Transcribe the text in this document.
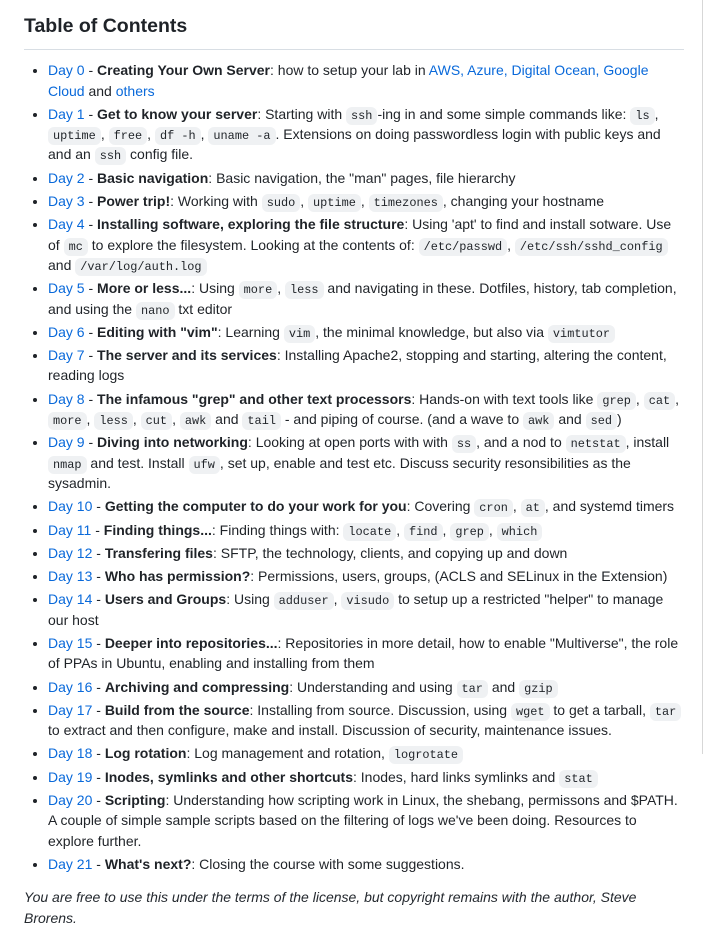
Table of Contents
• Day 0 - Creating Your Own Server: how to setup your lab in AWS, Azure, Digital Ocean, Google Cloud and others
• Day 1 - Get to know your server: Starting with ssh -ing in and some simple commands like: ls , uptime , free , df -h , uname -a . Extensions on doing passwordless login with public keys and and an ssh config file.
• Day 2 - Basic navigation: Basic navigation, the "man" pages, file hierarchy
• Day 3 - Power trip!: Working with sudo , uptime , timezones , changing your hostname
• Day 4 - Installing software, exploring the file structure: Using 'apt' to find and install sotware. Use of mc to explore the filesystem. Looking at the contents of: /etc/passwd , /etc/ssh/sshd_config and /var/log/auth.log
• Day 5 - More or less...: Using more , less and navigating in these. Dotfiles, history, tab completion, and using the nano txt editor
• Day 6 - Editing with "vim": Learning vim , the minimal knowledge, but also via vimtutor
• Day 7 - The server and its services: Installing Apache2, stopping and starting, altering the content, reading logs
• Day 8 - The infamous "grep" and other text processors: Hands-on with text tools like grep , cat , more , less , cut , awk and tail - and piping of course. (and a wave to awk and sed )
• Day 9 - Diving into networking: Looking at open ports with with ss , and a nod to netstat , install nmap and test. Install ufw , set up, enable and test etc. Discuss security resonsibilities as the sysadmin.
• Day 10 - Getting the computer to do your work for you: Covering cron , at , and systemd timers
• Day 11 - Finding things...: Finding things with: locate , find , grep , which
• Day 12 - Transfering files: SFTP, the technology, clients, and copying up and down
• Day 13 - Who has permission?: Permissions, users, groups, (ACLS and SELinux in the Extension)
• Day 14 - Users and Groups: Using adduser , visudo to setup up a restricted "helper" to manage our host
• Day 15 - Deeper into repositories...: Repositories in more detail, how to enable "Multiverse", the role of PPAs in Ubuntu, enabling and installing from them
• Day 16 - Archiving and compressing: Understanding and using tar and gzip
• Day 17 - Build from the source: Installing from source. Discussion, using wget to get a tarball, tar to extract and then configure, make and install. Discussion of security, maintenance issues.
• Day 18 - Log rotation: Log management and rotation, logrotate
• Day 19 - Inodes, symlinks and other shortcuts: Inodes, hard links symlinks and stat
• Day 20 - Scripting: Understanding how scripting work in Linux, the shebang, permissons and $PATH. A couple of simple sample scripts based on the filtering of logs we've been doing. Resources to explore further.
• Day 21 - What's next?: Closing the course with some suggestions.

You are free to use this under the terms of the license, but copyright remains with the author, Steve Brorens.
